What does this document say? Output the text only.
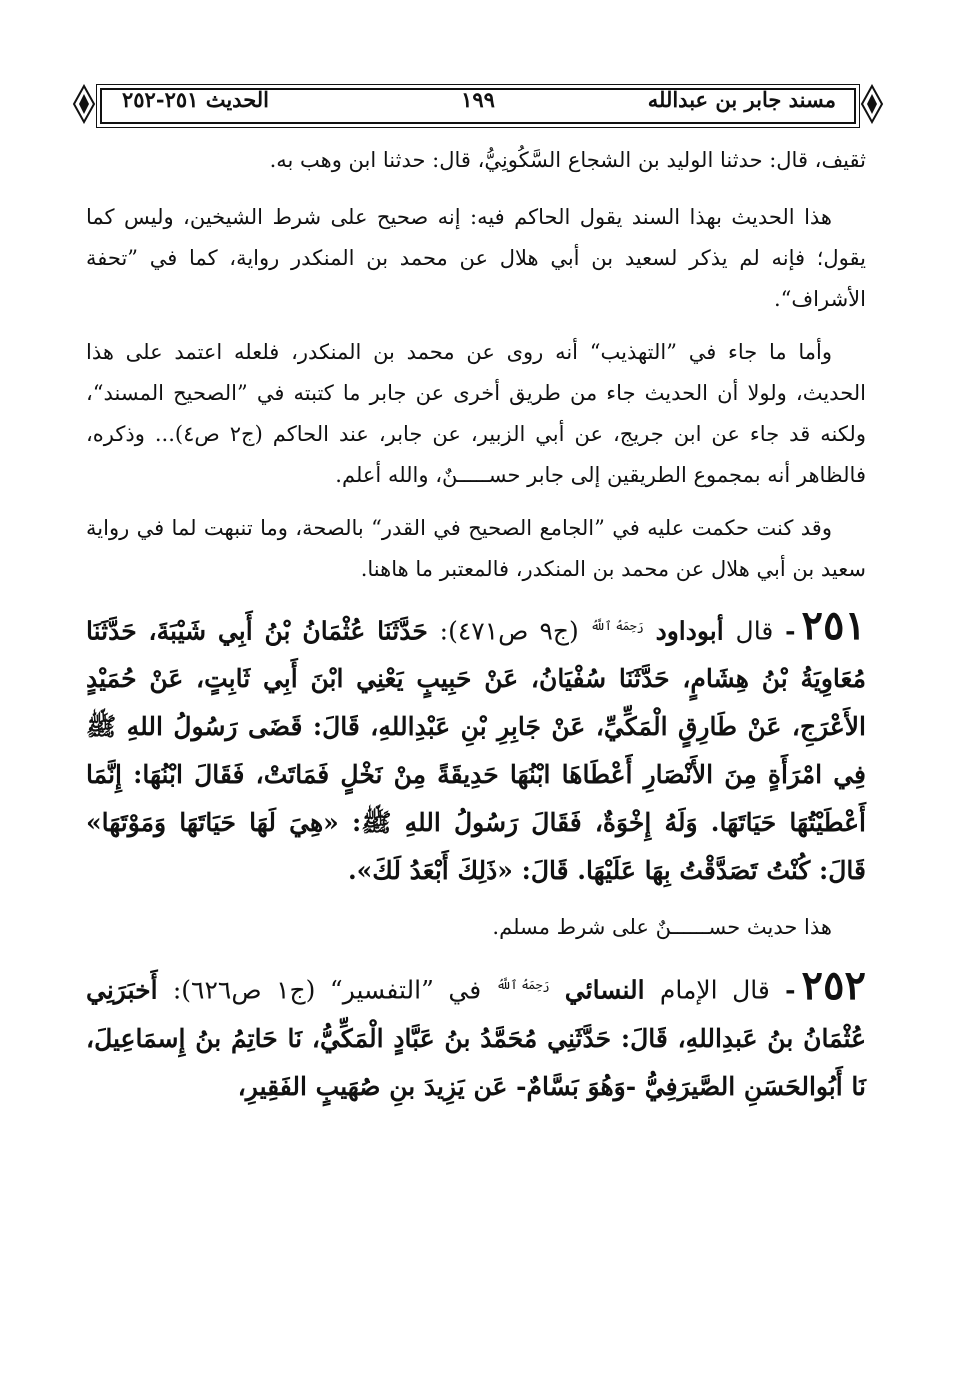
مسند جابر بن عبدالله
١٩٩
الحديث ٢٥١-٢٥٢

ثقيف، قال: حدثنا الوليد بن الشجاع السَّكُونِيُّ، قال: حدثنا ابن وهب به.

هذا الحديث بهذا السند يقول الحاكم فيه: إنه صحيح على شرط الشيخين، وليس كما يقول؛ فإنه لم يذكر لسعيد بن أبي هلال عن محمد بن المنكدر رواية، كما في ”تحفة الأشراف“.

وأما ما جاء في ”التهذيب“ أنه روى عن محمد بن المنكدر، فلعله اعتمد على هذا الحديث، ولولا أن الحديث جاء من طريق أخرى عن جابر ما كتبته في ”الصحيح المسند“، ولكنه قد جاء عن ابن جريج، عن أبي الزبير، عن جابر، عند الحاكم (ج٢ ص٤)... وذكره، فالظاهر أنه بمجموع الطريقين إلى جابر حســـــنٌ، والله أعلم.

وقد كنت حكمت عليه في ”الجامع الصحيح في القدر“ بالصحة، وما تنبهت لما في رواية سعيد بن أبي هلال عن محمد بن المنكدر، فالمعتبر ما هاهنا.

٢٥١- قال أبوداود رَحِمَهُ ٱللَّهُ (ج٩ ص٤٧١): حَدَّثَنَا عُثْمَانُ بْنُ أَبِي شَيْبَةَ، حَدَّثَنَا مُعَاوِيَةُ بْنُ هِشَامٍ، حَدَّثَنَا سُفْيَانُ، عَنْ حَبِيبٍ يَعْنِي ابْنَ أَبِي ثَابِتٍ، عَنْ حُمَيْدٍ الأَعْرَجِ، عَنْ طَارِقٍ الْمَكِّيِّ، عَنْ جَابِرِ بْنِ عَبْدِاللهِ، قَالَ: قَضَى رَسُولُ اللهِ ﷺ فِي امْرَأَةٍ مِنَ الأَنْصَارِ أَعْطَاهَا ابْنُهَا حَدِيقَةً مِنْ نَخْلٍ فَمَاتَتْ، فَقَالَ ابْنُهَا: إِنَّمَا أَعْطَيْتُهَا حَيَاتَهَا. وَلَهُ إِخْوَةٌ، فَقَالَ رَسُولُ اللهِ ﷺ: «هِيَ لَهَا حَيَاتَهَا وَمَوْتَهَا» قَالَ: كُنْتُ تَصَدَّقْتُ بِهَا عَلَيْهَا. قَالَ: «ذَلِكَ أَبْعَدُ لَكَ».

هذا حديث حســــــنٌ على شرط مسلم.

٢٥٢- قال الإمام النسائي رَحِمَهُ ٱللَّهُ في ”التفسير“ (ج١ ص٦٢٦): أَخبَرَنِي عُثْمَانُ بنُ عَبدِاللهِ، قَالَ: حَدَّثَنِي مُحَمَّدُ بنُ عَبَّادٍ الْمَكِّيُّ، نَا حَاتِمُ بنُ إِسمَاعِيلَ، نَا أَبُوالحَسَنِ الصَّيرَفِيُّ -وَهُوَ بَسَّامٌ- عَن يَزِيدَ بنِ صُهَيبٍ الفَقِيرِ،
